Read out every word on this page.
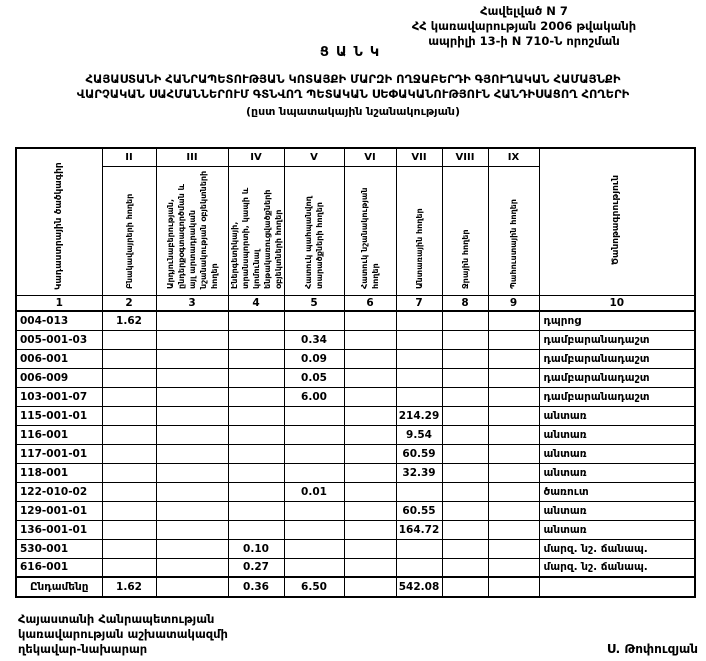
Հավելված N 7
ՀՀ կառավարության 2006 թվականի
ապրիլի 13-ի N 710-Ն որոշման
ՑԱՆԿ
ՀԱՅԱՍՏԱՆԻ ՀԱՆՐԱՊԵՏՈՒԹՅԱՆ ԿՈՏԱՅՔԻ ՄԱՐԶԻ ՈՂՋԱԲԵՐԴԻ ԳՅՈՒՂԱԿԱՆ ՀԱՄԱՅՆՔԻ
ՎԱՐՉԱԿԱՆ ՍԱՀՄԱՆՆԵՐՈՒՄ ԳՏՆՎՈՂ ՊԵՏԱԿԱՆ ՍԵՓԱԿԱՆՈՒԹՅՈՒՆ ՀԱՆԴԻՍԱՑՈՂ ՀՈՂԵՐԻ
(ըստ նպատակային նշանակության)
Կադաստրային ծածկագիր	II	III	IV	V	VI	VII	VIII	IX	Ծանոթագրություն
	Բնակավայրերի հողեր	Արդյունաբերության, ընդերքօգտագործման և այլ արտադրական նշանակության օբյեկտների հողեր	Էներգետիկայի, տրանսպորտի, կապի և կոմունալ ենթակառուցվածքների օբյեկտների հողեր	Հատուկ պահպանվող տարածքների հողեր	Հատուկ նշանակության հողեր	Անտառային հողեր	Ջրային հողեր	Պահուստային հողեր	
1	2	3	4	5	6	7	8	9	10
004-013	1.62								դպրոց
005-001-03				0.34					դամբարանադաշտ
006-001				0.09					դամբարանադաշտ
006-009				0.05					դամբարանադաշտ
103-001-07				6.00					դամբարանադաշտ
115-001-01						214.29			անտառ
116-001						9.54			անտառ
117-001-01						60.59			անտառ
118-001						32.39			անտառ
122-010-02				0.01					ծառուտ
129-001-01						60.55			անտառ
136-001-01						164.72			անտառ
530-001			0.10						մարզ. նշ. ճանապ.
616-001			0.27						մարզ. նշ. ճանապ.
Ընդամենը	1.62		0.36	6.50		542.08			
Հայաստանի Հանրապետության
կառավարության աշխատակազմի
ղեկավար-նախարար	Ս. Թոփուզյան
